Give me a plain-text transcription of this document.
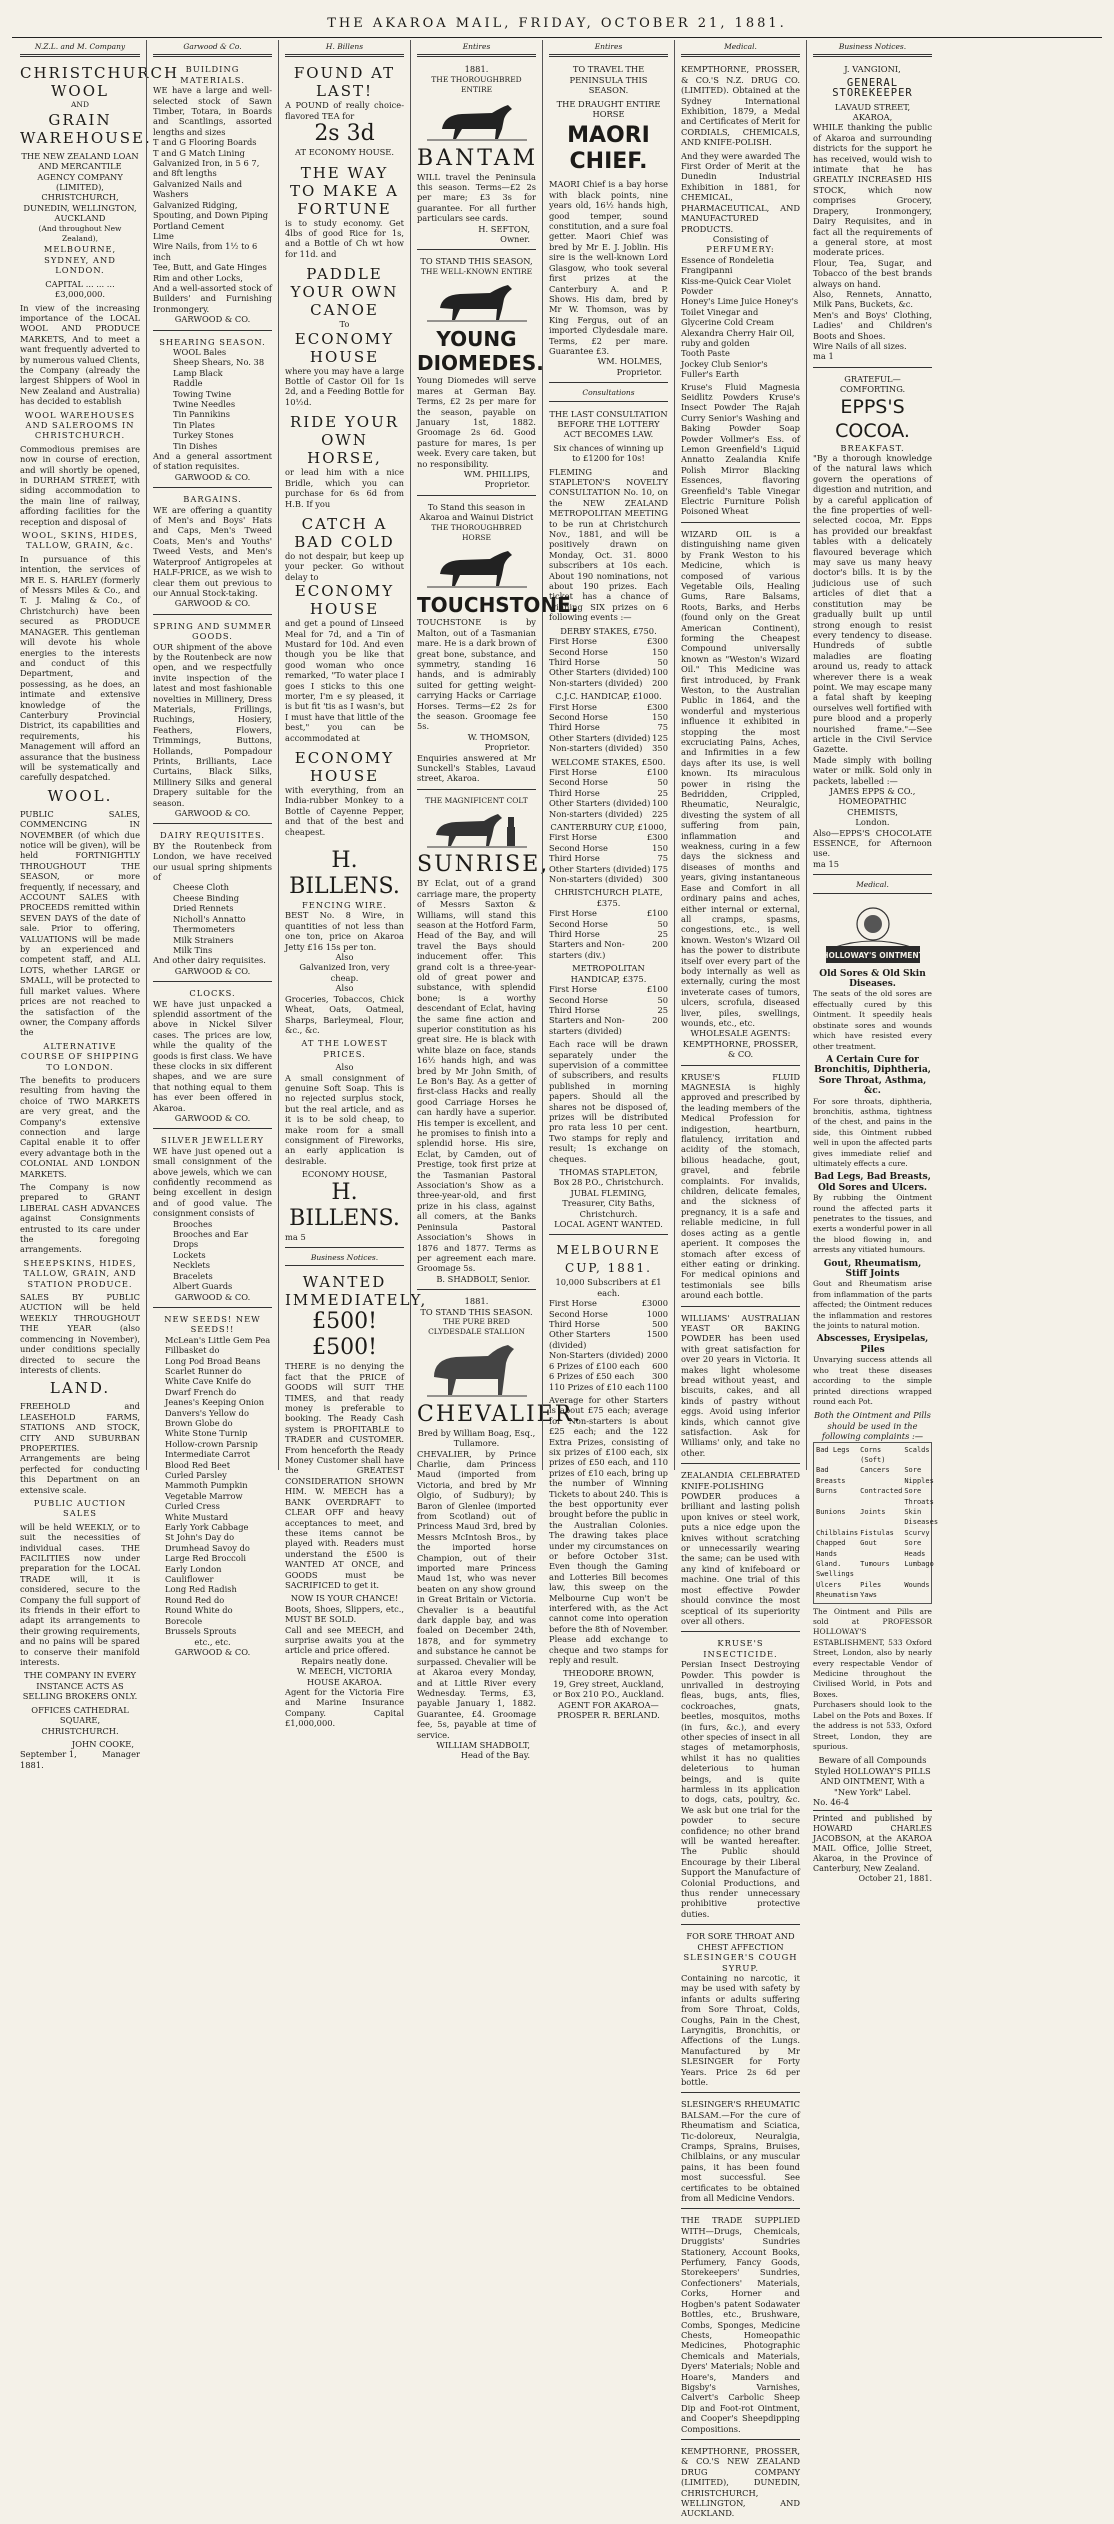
THE AKAROA MAIL, FRIDAY, OCTOBER 21, 1881.
N.Z.L. and M. Company
CHRISTCHURCH WOOL
AND
GRAIN WAREHOUSE.
THE NEW ZEALAND LOAN AND MERCANTILE AGENCY COMPANY (LIMITED),
CHRISTCHURCH, DUNEDIN, WELLINGTON, AUCKLAND
(And throughout New Zealand),
MELBOURNE, SYDNEY, AND LONDON.
CAPITAL ... ... ... £3,000,000.
In view of the increasing importance of the LOCAL WOOL AND PRODUCE MARKETS, And to meet a want frequently adverted to by numerous valued Clients, the Company (already the largest Shippers of Wool in New Zealand and Australia) has decided to establish
WOOL WAREHOUSES AND SALEROOMS IN CHRISTCHURCH.
Commodious premises are now in course of erection, and will shortly be opened, in DURHAM STREET, with siding accommodation to the main line of railway, affording facilities for the reception and disposal of
WOOL, SKINS, HIDES, TALLOW, GRAIN, &c.
In pursuance of this intention, the services of MR E. S. HARLEY (formerly of Messrs Miles & Co., and T. J. Maling & Co., of Christchurch) have been secured as PRODUCE MANAGER. This gentleman will devote his whole energies to the interests and conduct of this Department, and possessing, as he does, an intimate and extensive knowledge of the Canterbury Provincial District, its capabilities and requirements, his Management will afford an assurance that the business will be systematically and carefully despatched.
WOOL.
PUBLIC SALES, COMMENCING IN NOVEMBER (of which due notice will be given), will be held FORTNIGHTLY THROUGHOUT THE SEASON, or more frequently, if necessary, and ACCOUNT SALES with PROCEEDS remitted within SEVEN DAYS of the date of sale. Prior to offering, VALUATIONS will be made by an experienced and competent staff, and ALL LOTS, whether LARGE or SMALL, will be protected to full market values. Where prices are not reached to the satisfaction of the owner, the Company affords the
ALTERNATIVE COURSE OF SHIPPING TO LONDON.
The benefits to producers resulting from having the choice of TWO MARKETS are very great, and the Company's extensive connection and large Capital enable it to offer every advantage both in the COLONIAL AND LONDON MARKETS.
The Company is now prepared to GRANT LIBERAL CASH ADVANCES against Consignments entrusted to its care under the foregoing arrangements.
SHEEPSKINS, HIDES, TALLOW, GRAIN, AND STATION PRODUCE.
SALES BY PUBLIC AUCTION will be held WEEKLY THROUGHOUT THE YEAR (also commencing in November), under conditions specially directed to secure the interests of clients.
LAND.
FREEHOLD and LEASEHOLD FARMS, STATIONS AND STOCK, CITY AND SUBURBAN PROPERTIES. Arrangements are being perfected for conducting this Department on an extensive scale.
PUBLIC AUCTION SALES
will be held WEEKLY, or to suit the necessities of individual cases. THE FACILITIES now under preparation for the LOCAL TRADE will, it is considered, secure to the Company the full support of its friends in their effort to adapt its arrangements to their growing requirements, and no pains will be spared to conserve their manifold interests.
THE COMPANY IN EVERY INSTANCE ACTS AS SELLING BROKERS ONLY.
OFFICES CATHEDRAL SQUARE, CHRISTCHURCH.
JOHN COOKE,
September 1, 1881.
Manager
Garwood & Co.
BUILDING MATERIALS.
WE have a large and well-selected stock of Sawn Timber, Totara, in Boards and Scantlings, assorted lengths and sizes
T and G Flooring Boards
T and G Match Lining
Galvanized Iron, in 5 6 7, and 8ft lengths
Galvanized Nails and Washers
Galvanized Ridging, Spouting, and Down Piping
Portland Cement
Lime
Wire Nails, from 1½ to 6 inch
Tee, Butt, and Gate Hinges
Rim and other Locks,
And a well-assorted stock of Builders' and Furnishing Ironmongery.
GARWOOD & CO.
SHEARING SEASON.
WOOL Bales
Sheep Shears, No. 38
Lamp Black
Raddle
Towing Twine
Twine Needles
Tin Pannikins
Tin Plates
Turkey Stones
Tin Dishes
And a general assortment of station requisites.
GARWOOD & CO.
BARGAINS.
WE are offering a quantity of Men's and Boys' Hats and Caps, Men's Tweed Coats, Men's and Youths' Tweed Vests, and Men's Waterproof Antigropeles at HALF-PRICE, as we wish to clear them out previous to our Annual Stock-taking.
GARWOOD & CO.
SPRING AND SUMMER GOODS.
OUR shipment of the above by the Routenbeck are now open, and we respectfully invite inspection of the latest and most fashionable novelties in Millinery, Dress Materials, Frillings, Ruchings, Hosiery, Feathers, Flowers, Trimmings, Buttons, Hollands, Pompadour Prints, Brilliants, Lace Curtains, Black Silks, Millinery Silks and general Drapery suitable for the season.
GARWOOD & CO.
DAIRY REQUISITES.
BY the Routenbeck from London, we have received our usual spring shipments of
Cheese Cloth
Cheese Binding
Dried Rennets
Nicholl's Annatto
Thermometers
Milk Strainers
Milk Tins
And other dairy requisites.
GARWOOD & CO.
CLOCKS.
WE have just unpacked a splendid assortment of the above in Nickel Silver cases. The prices are low, while the quality of the goods is first class. We have these clocks in six different shapes, and we are sure that nothing equal to them has ever been offered in Akaroa.
GARWOOD & CO.
SILVER JEWELLERY
WE have just opened out a small consignment of the above jewels, which we can confidently recommend as being excellent in design and of good value. The consignment consists of
Brooches
Brooches and Ear Drops
Lockets
Necklets
Bracelets
Albert Guards
GARWOOD & CO.
NEW SEEDS! NEW SEEDS!!
McLean's Little Gem Pea
Fillbasket do
Long Pod Broad Beans
Scarlet Runner do
White Cave Knife do
Dwarf French do
Jeanes's Keeping Onion
Danvers's Yellow do
Brown Globe do
White Stone Turnip
Hollow-crown Parsnip
Intermediate Carrot
Blood Red Beet
Curled Parsley
Mammoth Pumpkin
Vegetable Marrow
Curled Cress
White Mustard
Early York Cabbage
St John's Day do
Drumhead Savoy do
Large Red Broccoli
Early London Cauliflower
Long Red Radish
Round Red do
Round White do
Borecole
Brussels Sprouts
etc., etc.
GARWOOD & CO.
H. Billens
FOUND AT LAST!
A POUND of really choice-flavored TEA for
2s 3d
AT ECONOMY HOUSE.
THE WAY TO MAKE A FORTUNE
is to study economy. Get 4lbs of good Rice for 1s, and a Bottle of Ch wt how for 11d. and
PADDLE YOUR OWN CANOE
To
ECONOMY HOUSE
where you may have a large Bottle of Castor Oil for 1s 2d, and a Feeding Bottle for 10½d.
RIDE YOUR OWN HORSE,
or lead him with a nice Bridle, which you can purchase for 6s 6d from H.B. If you
CATCH A BAD COLD
do not despair, but keep up your pecker. Go without delay to
ECONOMY HOUSE
and get a pound of Linseed Meal for 7d, and a Tin of Mustard for 10d. And even though you be like that good woman who once remarked, "To water place I goes I sticks to this one morter, I'm e sy pleased, it is but fit 'tis as I wasn's, but I must have that little of the best," you can be accommodated at
ECONOMY HOUSE
with everything, from an India-rubber Monkey to a Bottle of Cayenne Pepper, and that of the best and cheapest.
H. BILLENS.
FENCING WIRE.
BEST No. 8 Wire, in quantities of not less than one ton, price on Akaroa Jetty £16 15s per ton.
Also
Galvanized Iron, very cheap.
Also
Groceries, Tobaccos, Chick Wheat, Oats, Oatmeal, Sharps, Barleymeal, Flour, &c., &c.
AT THE LOWEST PRICES.
Also
A small consignment of genuine Soft Soap. This is no rejected surplus stock, but the real article, and as it is to be sold cheap, to make room for a small consignment of Fireworks, an early application is desirable.
ECONOMY HOUSE,
H. BILLENS.
ma 5
Business Notices.
WANTED IMMEDIATELY,
£500! £500!
THERE is no denying the fact that the PRICE of GOODS will SUIT THE TIMES, and that ready money is preferable to booking. The Ready Cash system is PROFITABLE to TRADER and CUSTOMER. From henceforth the Ready Money Customer shall have the GREATEST CONSIDERATION SHOWN HIM. W. MEECH has a BANK OVERDRAFT to CLEAR OFF and heavy acceptances to meet, and these items cannot be played with. Readers must understand the £500 is WANTED AT ONCE, and GOODS must be SACRIFICED to get it.
NOW IS YOUR CHANCE!
Boots, Shoes, Slippers, etc., MUST BE SOLD.
Call and see MEECH, and surprise awaits you at the article and price offered.
Repairs neatly done.
W. MEECH, VICTORIA HOUSE AKAROA.
Agent for the Victoria Fire and Marine Insurance Company. Capital £1,000,000.
Entires
1881.
THE THOROUGHBRED ENTIRE
BANTAM
WILL travel the Peninsula this season. Terms—£2 2s per mare; £3 3s for guarantee. For all further particulars see cards.
H. SEFTON,
Owner.
TO STAND THIS SEASON,
THE WELL-KNOWN ENTIRE
YOUNG DIOMEDES.
Young Diomedes will serve mares at German Bay. Terms, £2 2s per mare for the season, payable on January 1st, 1882. Groomage 2s 6d. Good pasture for mares, 1s per week. Every care taken, but no responsibility.
WM. PHILLIPS,
Proprietor.
To Stand this season in Akaroa and Wainui District
THE THOROUGHBRED HORSE
TOUCHSTONE.
TOUCHSTONE is by Malton, out of a Tasmanian mare. He is a dark brown of great bone, substance, and symmetry, standing 16 hands, and is admirably suited for getting weight-carrying Hacks or Carriage Horses. Terms—£2 2s for the season. Groomage fee 5s.
W. THOMSON,
Proprietor.
Enquiries answered at Mr Sunckell's Stables, Lavaud street, Akaroa.
THE MAGNIFICENT COLT
SUNRISE,
BY Eclat, out of a grand carriage mare, the property of Messrs Saxton & Williams, will stand this season at the Hotford Farm, Head of the Bay, and will travel the Bays should inducement offer. This grand colt is a three-year-old of great power and substance, with splendid bone; is a worthy descendant of Eclat, having the same fine action and superior constitution as his great sire. He is black with white blaze on face, stands 16½ hands high, and was bred by Mr John Smith, of Le Bon's Bay. As a getter of first-class Hacks and really good Carriage Horses he can hardly have a superior. His temper is excellent, and he promises to finish into a splendid horse. His sire, Eclat, by Camden, out of Prestige, took first prize at the Tasmanian Pastoral Association's Show as a three-year-old, and first prize in his class, against all comers, at the Banks Peninsula Pastoral Association's Shows in 1876 and 1877. Terms as per agreement each mare. Groomage 5s.
B. SHADBOLT, Senior.
1881.
TO STAND THIS SEASON.
THE PURE BRED CLYDESDALE STALLION
CHEVALIER.
Bred by William Boag, Esq., Tullamore.
CHEVALIER, by Prince Charlie, dam Princess Maud (imported from Victoria, and bred by Mr Olgio, of Sudbury); by Baron of Glenlee (imported from Scotland) out of Princess Maud 3rd, bred by Messrs McIntosh Bros., by the imported horse Champion, out of their imported mare Princess Maud 1st, who was never beaten on any show ground in Great Britain or Victoria. Chevalier is a beautiful dark dapple bay, and was foaled on December 24th, 1878, and for symmetry and substance he cannot be surpassed. Chevalier will be at Akaroa every Monday, and at Little River every Wednesday. Terms, £3, payable January 1, 1882. Guarantee, £4. Groomage fee, 5s, payable at time of service.
WILLIAM SHADBOLT,
Head of the Bay.
Entires
TO TRAVEL THE PENINSULA THIS SEASON.
THE DRAUGHT ENTIRE HORSE
MAORI CHIEF.
MAORI Chief is a bay horse with black points, nine years old, 16½ hands high, good temper, sound constitution, and a sure foal getter. Maori Chief was bred by Mr E. J. Joblin. His sire is the well-known Lord Glasgow, who took several first prizes at the Canterbury A. and P. Shows. His dam, bred by Mr W. Thomson, was by King Fergus, out of an imported Clydesdale mare. Terms, £2 per mare. Guarantee £3.
WM. HOLMES,
Proprietor.
Consultations
THE LAST CONSULTATION BEFORE THE LOTTERY ACT BECOMES LAW.
Six chances of winning up to £1200 for 10s!
FLEMING and STAPLETON'S NOVELTY CONSULTATION No. 10, on the NEW ZEALAND METROPOLITAN MEETING to be run at Christchurch Nov., 1881, and will be positively drawn on Monday, Oct. 31. 8000 subscribers at 10s each. About 190 nominations, not about 190 prizes. Each ticket has a chance of winning SIX prizes on 6 following events :—
DERBY STAKES, £750.
First Horse	£300
Second Horse	150
Third Horse	50
Other Starters (divided) 100
Non-starters (divided) 200
C.J.C. HANDICAP, £1000.
First Horse	£300
Second Horse	150
Third Horse	75
Other Starters (divided) 125
Non-starters (divided) 350
WELCOME STAKES, £500.
First Horse	£100
Second Horse	50
Third Horse	25
Other Starters (divided) 100
Non-starters (divided) 225
CANTERBURY CUP, £1000,
First Horse	£300
Second Horse	150
Third Horse	75
Other Starters (divided) 175
Non-starters (divided) 300
CHRISTCHURCH PLATE, £375.
First Horse	£100
Second Horse	50
Third Horse	25
Starters and Non-starters (div.)
200
METROPOLITAN HANDICAP, £375.
First Horse	£100
Second Horse	50
Third Horse	25
Starters and Non-starters (divided)
200
Each race will be drawn separately under the supervision of a committee of subscribers, and results published in morning papers. Should all the shares not be disposed of, prizes will be distributed pro rata less 10 per cent. Two stamps for reply and result; 1s exchange on cheques.
THOMAS STAPLETON,
Box 28 P.O., Christchurch.
JUBAL FLEMING,
Treasurer, City Baths, Christchurch.
LOCAL AGENT WANTED.
MELBOURNE CUP, 1881.
10,000 Subscribers at £1 each.
First Horse	£3000
Second Horse	1000
Third Horse	500
Other Starters (divided)
1500
Non-Starters (divided) 2000
6 Prizes of £100 each 600
6 Prizes of £50 each 300
110 Prizes of £10 each 1100
Average for other Starters is about £75 each; average for Non-starters is about £25 each; and the 122 Extra Prizes, consisting of six prizes of £100 each, six prizes of £50 each, and 110 prizes of £10 each, bring up the number of Winning Tickets to about 240. This is the best opportunity ever brought before the public in the Australian Colonies. The drawing takes place under my circumstances on or before October 31st. Even though the Gaming and Lotteries Bill becomes law, this sweep on the Melbourne Cup won't be interfered with, as the Act cannot come into operation before the 8th of November. Please add exchange to cheque and two stamps for reply and result.
THEODORE BROWN,
19, Grey street, Auckland,
or Box 210 P.O., Auckland.
AGENT FOR AKAROA—
PROSPER R. BERLAND.
Medical.
KEMPTHORNE, PROSSER, & CO.'S N.Z. DRUG CO. (LIMITED). Obtained at the Sydney International Exhibition, 1879, a Medal and Certificates of Merit for CORDIALS, CHEMICALS, AND KNIFE-POLISH.
And they were awarded The First Order of Merit at the Dunedin Industrial Exhibition in 1881, for CHEMICAL, PHARMACEUTICAL, AND MANUFACTURED PRODUCTS.
Consisting of
PERFUMERY:
Essence of Rondeletia Frangipanni
Kiss-me-Quick Cear Violet Powder
Honey's Lime Juice Honey's Toilet Vinegar and Glycerine Cold Cream
Alexandra Cherry Hair Oil, ruby and golden
Tooth Paste
Jockey Club Senior's Fuller's Earth
Kruse's Fluid Magnesia Seidlitz Powders Kruse's Insect Powder The Rajah Curry Senior's Washing and Baking Powder Soap Powder Vollmer's Ess. of Lemon Greenfield's Liquid Annatto Zealandia Knife Polish Mirror Blacking Essences, flavoring Greenfield's Table Vinegar Electric Furniture Polish Poisoned Wheat
WIZARD OIL is a distinguishing name given by Frank Weston to his Medicine, which is composed of various Vegetable Oils, Healing Gums, Rare Balsams, Roots, Barks, and Herbs (found only on the Great American Continent), forming the Cheapest Compound universally known as "Weston's Wizard Oil." This Medicine was first introduced, by Frank Weston, to the Australian Public in 1864, and the wonderful and mysterious influence it exhibited in stopping the most excruciating Pains, Aches, and Infirmities in a few days after its use, is well known. Its miraculous power in rising the Bedridden, Crippled, Rheumatic, Neuralgic, divesting the system of all suffering from pain, inflammation and weakness, curing in a few days the sickness and diseases of months and years, giving instantaneous Ease and Comfort in all ordinary pains and aches, either internal or external, all cramps, spasms, congestions, etc., is well known. Weston's Wizard Oil has the power to distribute itself over every part of the body internally as well as externally, curing the most inveterate cases of tumors, ulcers, scrofula, diseased liver, piles, swellings, wounds, etc., etc.
WHOLESALE AGENTS: KEMPTHORNE, PROSSER, & CO.
KRUSE'S FLUID MAGNESIA is highly approved and prescribed by the leading members of the Medical Profession for indigestion, heartburn, flatulency, irritation and acidity of the stomach, bilious headache, gout, gravel, and febrile complaints. For invalids, children, delicate females, and the sickness of pregnancy, it is a safe and reliable medicine, in full doses acting as a gentle aperient. It composes the stomach after excess of either eating or drinking. For medical opinions and testimonials see bills around each bottle.
WILLIAMS' AUSTRALIAN YEAST OR BAKING POWDER has been used with great satisfaction for over 20 years in Victoria. It makes light wholesome bread without yeast, and biscuits, cakes, and all kinds of pastry without eggs. Avoid using inferior kinds, which cannot give satisfaction. Ask for Williams' only, and take no other.
ZEALANDIA CELEBRATED KNIFE-POLISHING POWDER produces a brilliant and lasting polish upon knives or steel work, puts a nice edge upon the knives without scratching or unnecessarily wearing the same; can be used with any kind of knifeboard or machine. One trial of this most effective Powder should convince the most sceptical of its superiority over all others.
KRUSE'S INSECTICIDE.
Persian Insect Destroying Powder. This powder is unrivalled in destroying fleas, bugs, ants, flies, cockroaches, gnats, beetles, mosquitos, moths (in furs, &c.), and every other species of insect in all stages of metamorphosis, whilst it has no qualities deleterious to human beings, and is quite harmless in its application to dogs, cats, poultry, &c. We ask but one trial for the powder to secure confidence; no other brand will be wanted hereafter. The Public should Encourage by their Liberal Support the Manufacture of Colonial Productions, and thus render unnecessary prohibitive protective duties.
FOR SORE THROAT AND CHEST AFFECTION
SLESINGER'S COUGH SYRUP.
Containing no narcotic, it may be used with safety by infants or adults suffering from Sore Throat, Colds, Coughs, Pain in the Chest, Laryngitis, Bronchitis, or Affections of the Lungs. Manufactured by Mr SLESINGER for Forty Years. Price 2s 6d per bottle.
SLESINGER'S RHEUMATIC BALSAM.—For the cure of Rheumatism and Sciatica, Tic-doloreux, Neuralgia, Cramps, Sprains, Bruises, Chilblains, or any muscular pains, it has been found most successful. See certificates to be obtained from all Medicine Vendors.
THE TRADE SUPPLIED WITH—Drugs, Chemicals, Druggists' Sundries Stationery, Account Books, Perfumery, Fancy Goods, Storekeepers' Sundries, Confectioners' Materials, Corks, Horner and Hogben's patent Sodawater Bottles, etc., Brushware, Combs, Sponges, Medicine Chests, Homeopathic Medicines, Photographic Chemicals and Materials, Dyers' Materials; Noble and Hoare's, Manders and Bigsby's Varnishes, Calvert's Carbolic Sheep Dip and Foot-rot Ointment, and Cooper's Sheepdipping Compositions.
KEMPTHORNE, PROSSER, & CO.'S NEW ZEALAND DRUG COMPANY (LIMITED), DUNEDIN, CHRISTCHURCH, WELLINGTON, AND AUCKLAND.
Business Notices.
J. VANGIONI,
GENERAL STOREKEEPER
LAVAUD STREET,
AKAROA,
WHILE thanking the public of Akaroa and surrounding districts for the support he has received, would wish to intimate that he has GREATLY INCREASED HIS STOCK, which now comprises Grocery, Drapery, Ironmongery, Dairy Requisites, and in fact all the requirements of a general store, at most moderate prices.
Flour, Tea, Sugar, and Tobacco of the best brands always on hand.
Also, Rennets, Annatto, Milk Pans, Buckets, &c.
Men's and Boys' Clothing, Ladies' and Children's Boots and Shoes.
Wire Nails of all sizes.
ma 1
GRATEFUL—COMFORTING.
EPPS'S COCOA.
BREAKFAST.
"By a thorough knowledge of the natural laws which govern the operations of digestion and nutrition, and by a careful application of the fine properties of well-selected cocoa, Mr. Epps has provided our breakfast tables with a delicately flavoured beverage which may save us many heavy doctor's bills. It is by the judicious use of such articles of diet that a constitution may be gradually built up until strong enough to resist every tendency to disease. Hundreds of subtle maladies are floating around us, ready to attack wherever there is a weak point. We may escape many a fatal shaft by keeping ourselves well fortified with pure blood and a properly nourished frame."—See article in the Civil Service Gazette.
Made simply with boiling water or milk. Sold only in packets, labelled :—
JAMES EPPS & CO.,
HOMEOPATHIC CHEMISTS,
London.
Also—EPPS'S CHOCOLATE ESSENCE, for Afternoon use.
ma 15
Medical.
HOLLOWAY'S OINTMENT
Old Sores & Old Skin Diseases.
The seats of the old sores are effectually cured by this Ointment. It speedily heals obstinate sores and wounds which have resisted every other treatment.
A Certain Cure for Bronchitis, Diphtheria, Sore Throat, Asthma, &c.
For sore throats, diphtheria, bronchitis, asthma, tightness of the chest, and pains in the side, this Ointment rubbed well in upon the affected parts gives immediate relief and ultimately effects a cure.
Bad Legs, Bad Breasts, Old Sores and Ulcers.
By rubbing the Ointment round the affected parts it penetrates to the tissues, and exerts a wonderful power in all the blood flowing in, and arrests any vitiated humours.
Gout, Rheumatism, Stiff Joints
Gout and Rheumatism arise from inflammation of the parts affected; the Ointment reduces the inflammation and restores the joints to natural motion.
Abscesses, Erysipelas, Piles
Unvarying success attends all who treat these diseases according to the simple printed directions wrapped round each Pot.
Both the Ointment and Pills should be used in the following complaints :—
Bad Legs	Corns (Soft)
Scalds
Bad Breasts
Cancers	Sore Nipples
Burns	Contracted Sore Throats
Bunions	Joints	Skin Diseases
Chilblains Fistulas	Scurvy
Chapped Hands
Gout	Sore Heads
Gland. Swellings
Tumours	Lumbago
Ulcers	Piles	Wounds
Rheumatism Yaws
The Ointment and Pills are sold at PROFESSOR HOLLOWAY'S ESTABLISHMENT, 533 Oxford Street, London, also by nearly every respectable Vendor of Medicine throughout the Civilised World, in Pots and Boxes.
Purchasers should look to the Label on the Pots and Boxes. If the address is not 533, Oxford Street, London, they are spurious.
Beware of all Compounds Styled HOLLOWAY'S PILLS AND OINTMENT, With a "New York" Label.
No. 46-4
Printed and published by HOWARD CHARLES JACOBSON, at the AKAROA MAIL Office, Jollie Street, Akaroa, in the Province of Canterbury, New Zealand.
October 21, 1881.
